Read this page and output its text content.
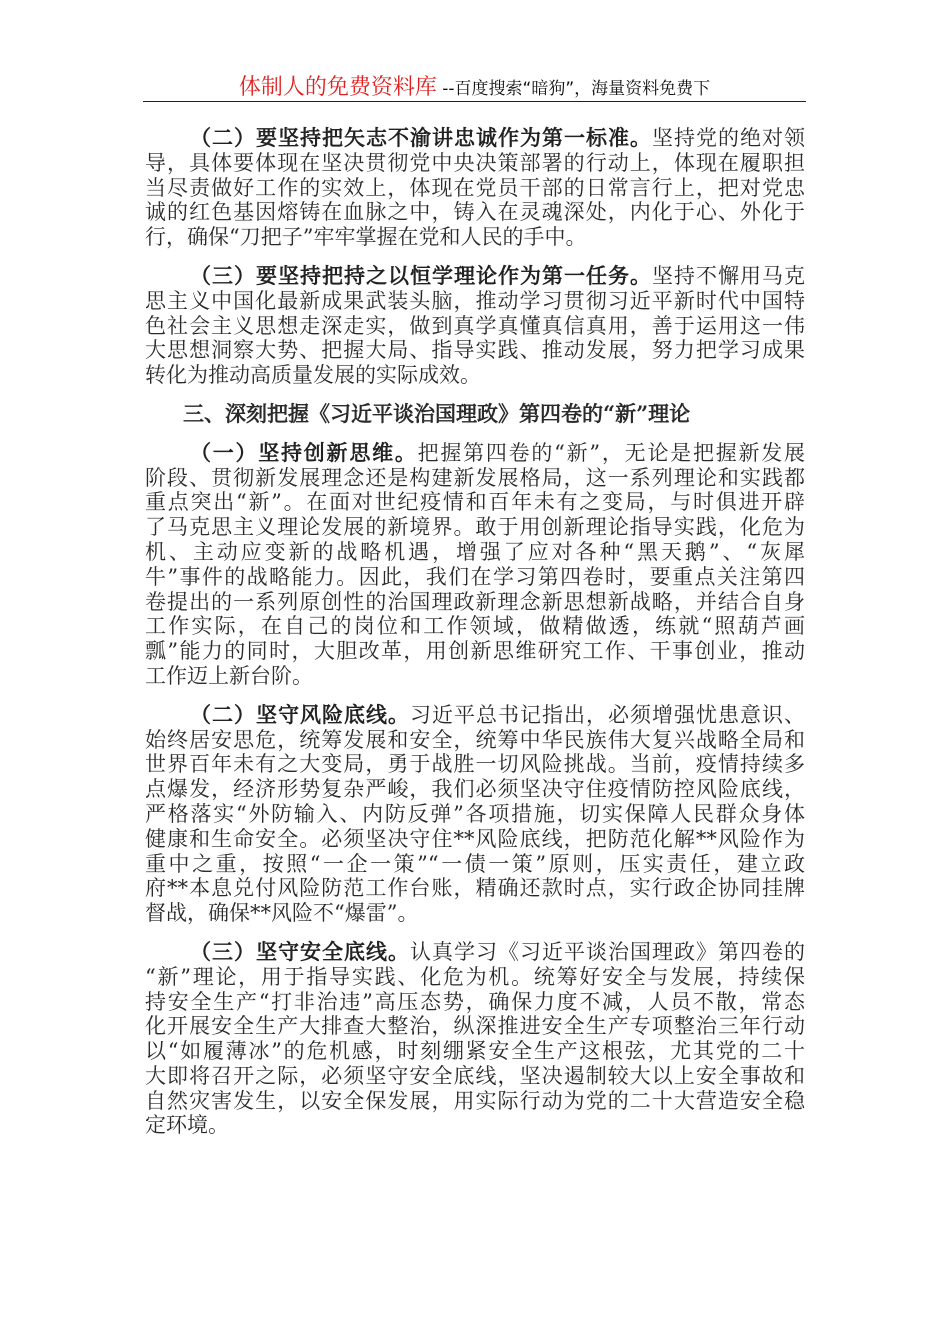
体制人的免费资料库 --百度搜索“暗狗”，海量资料免费下
（二）要坚持把矢志不渝讲忠诚作为第一标准。坚持党的绝对领
导，具体要体现在坚决贯彻党中央决策部署的行动上，体现在履职担
当尽责做好工作的实效上，体现在党员干部的日常言行上，把对党忠
诚的红色基因熔铸在血脉之中，铸入在灵魂深处，内化于心、外化于
行，确保“刀把子”牢牢掌握在党和人民的手中。
（三）要坚持把持之以恒学理论作为第一任务。坚持不懈用马克
思主义中国化最新成果武装头脑，推动学习贯彻习近平新时代中国特
色社会主义思想走深走实，做到真学真懂真信真用，善于运用这一伟
大思想洞察大势、把握大局、指导实践、推动发展，努力把学习成果
转化为推动高质量发展的实际成效。
三、深刻把握《习近平谈治国理政》第四卷的“新”理论
（一）坚持创新思维。把握第四卷的“新”，无论是把握新发展
阶段、贯彻新发展理念还是构建新发展格局，这一系列理论和实践都
重点突出“新”。在面对世纪疫情和百年未有之变局，与时俱进开辟
了马克思主义理论发展的新境界。敢于用创新理论指导实践，化危为
机、主动应变新的战略机遇，增强了应对各种“黑天鹅”、“灰犀
牛”事件的战略能力。因此，我们在学习第四卷时，要重点关注第四
卷提出的一系列原创性的治国理政新理念新思想新战略，并结合自身
工作实际，在自己的岗位和工作领域，做精做透，练就“照葫芦画
瓢”能力的同时，大胆改革，用创新思维研究工作、干事创业，推动
工作迈上新台阶。
（二）坚守风险底线。习近平总书记指出，必须增强忧患意识、
始终居安思危，统筹发展和安全，统筹中华民族伟大复兴战略全局和
世界百年未有之大变局，勇于战胜一切风险挑战。当前，疫情持续多
点爆发，经济形势复杂严峻，我们必须坚决守住疫情防控风险底线，
严格落实“外防输入、内防反弹”各项措施，切实保障人民群众身体
健康和生命安全。必须坚决守住**风险底线，把防范化解**风险作为
重中之重，按照“一企一策”“一债一策”原则，压实责任，建立政
府**本息兑付风险防范工作台账，精确还款时点，实行政企协同挂牌
督战，确保**风险不“爆雷”。
（三）坚守安全底线。认真学习《习近平谈治国理政》第四卷的
“新”理论，用于指导实践、化危为机。统筹好安全与发展，持续保
持安全生产“打非治违”高压态势，确保力度不减，人员不散，常态
化开展安全生产大排查大整治，纵深推进安全生产专项整治三年行动
以“如履薄冰”的危机感，时刻绷紧安全生产这根弦，尤其党的二十
大即将召开之际，必须坚守安全底线，坚决遏制较大以上安全事故和
自然灾害发生，以安全保发展，用实际行动为党的二十大营造安全稳
定环境。
